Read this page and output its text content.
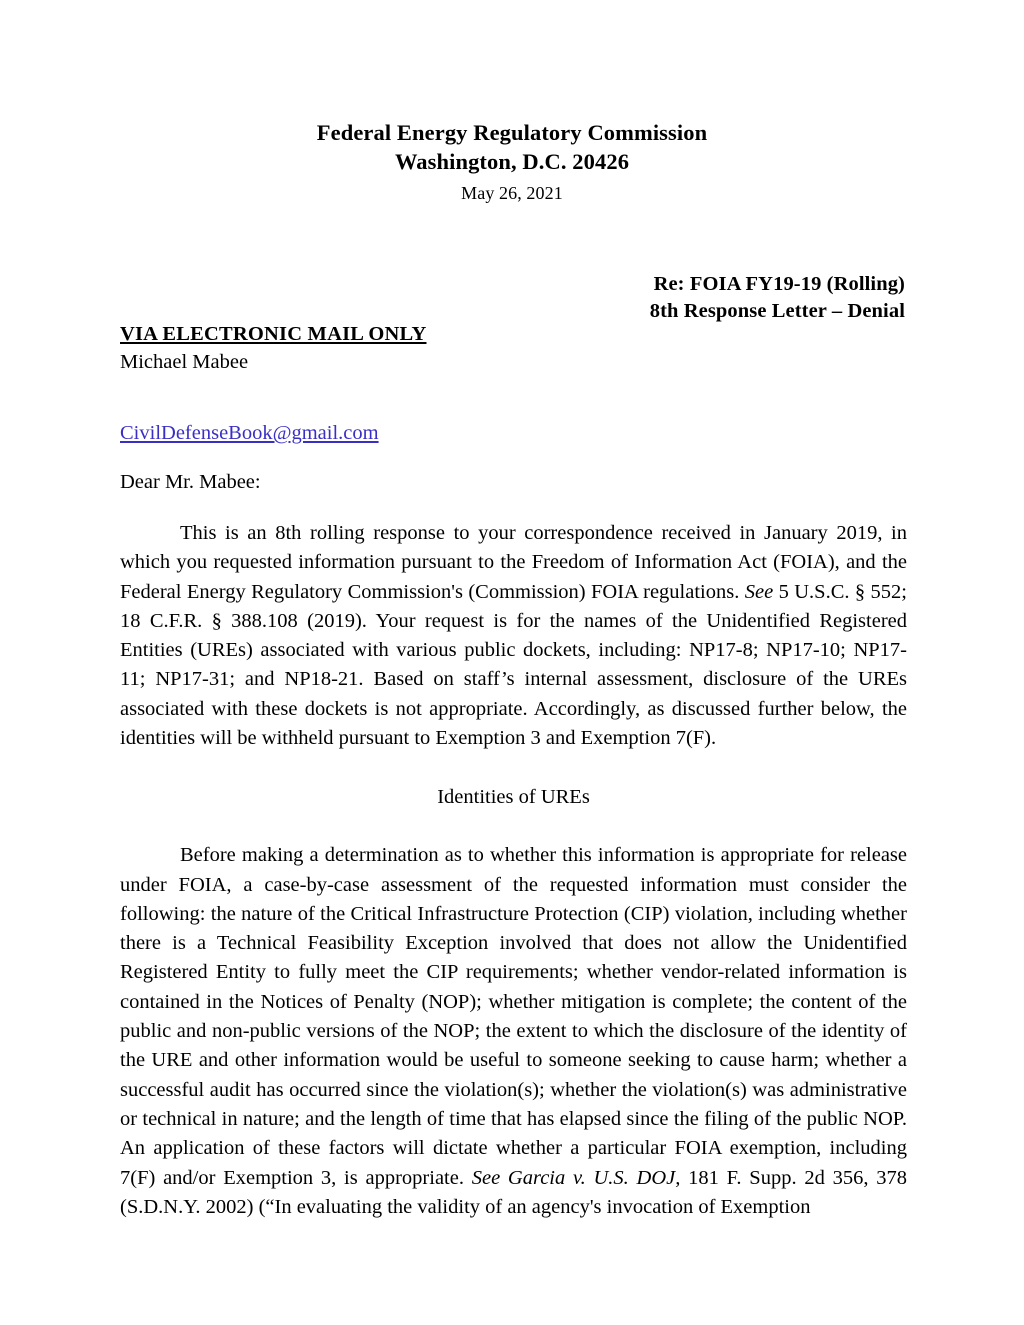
Federal Energy Regulatory Commission
Washington, D.C. 20426
May 26, 2021
Re: FOIA FY19-19 (Rolling)
8th Response Letter – Denial
VIA ELECTRONIC MAIL ONLY
Michael Mabee
CivilDefenseBook@gmail.com
Dear Mr. Mabee:

This is an 8th rolling response to your correspondence received in January 2019, in which you requested information pursuant to the Freedom of Information Act (FOIA), and the Federal Energy Regulatory Commission's (Commission) FOIA regulations. See 5 U.S.C. § 552; 18 C.F.R. § 388.108 (2019). Your request is for the names of the Unidentified Registered Entities (UREs) associated with various public dockets, including: NP17-8; NP17-10; NP17-11; NP17-31; and NP18-21. Based on staff’s internal assessment, disclosure of the UREs associated with these dockets is not appropriate. Accordingly, as discussed further below, the identities will be withheld pursuant to Exemption 3 and Exemption 7(F).

Identities of UREs

Before making a determination as to whether this information is appropriate for release under FOIA, a case-by-case assessment of the requested information must consider the following: the nature of the Critical Infrastructure Protection (CIP) violation, including whether there is a Technical Feasibility Exception involved that does not allow the Unidentified Registered Entity to fully meet the CIP requirements; whether vendor-related information is contained in the Notices of Penalty (NOP); whether mitigation is complete; the content of the public and non-public versions of the NOP; the extent to which the disclosure of the identity of the URE and other information would be useful to someone seeking to cause harm; whether a successful audit has occurred since the violation(s); whether the violation(s) was administrative or technical in nature; and the length of time that has elapsed since the filing of the public NOP. An application of these factors will dictate whether a particular FOIA exemption, including 7(F) and/or Exemption 3, is appropriate. See Garcia v. U.S. DOJ, 181 F. Supp. 2d 356, 378 (S.D.N.Y. 2002) (“In evaluating the validity of an agency's invocation of Exemption
